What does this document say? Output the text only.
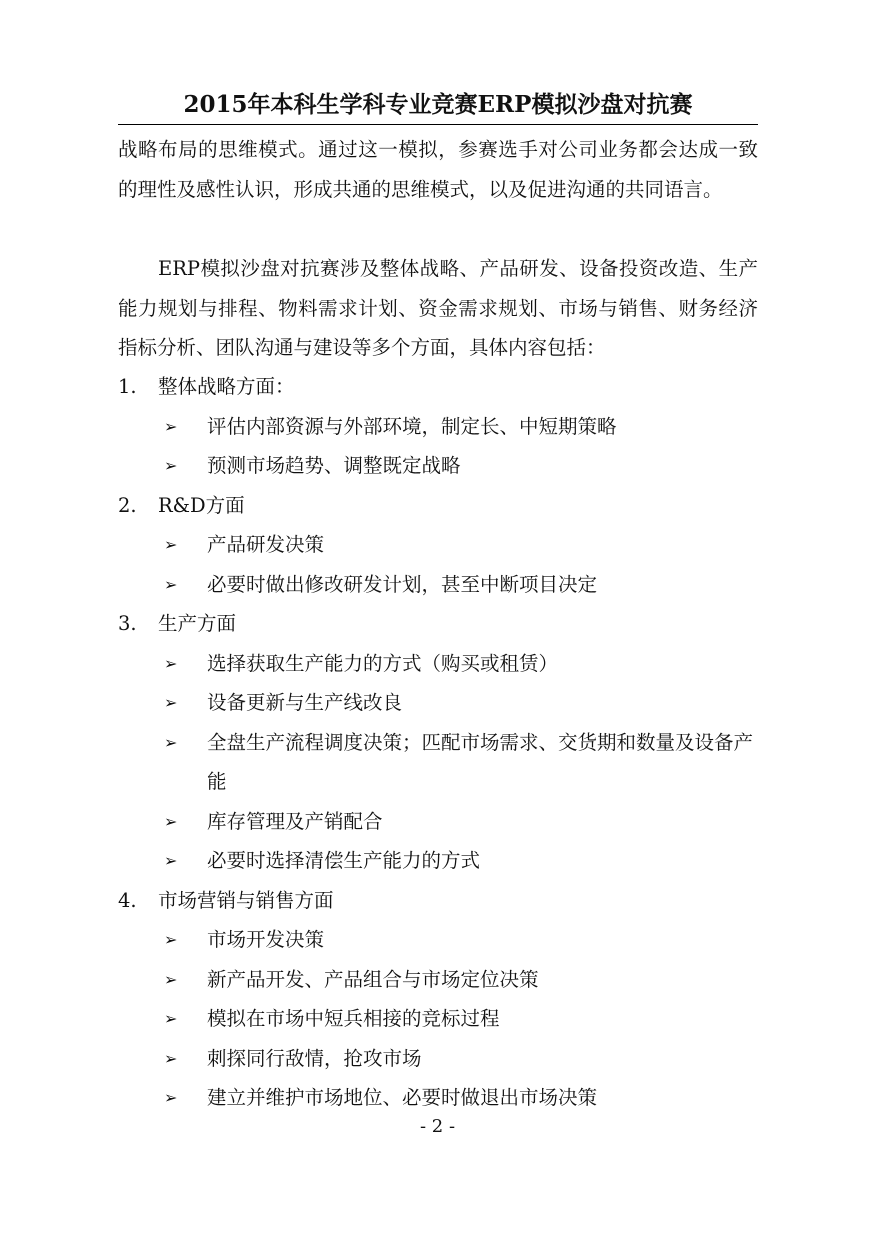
2015年本科生学科专业竞赛ERP模拟沙盘对抗赛

战略布局的思维模式。通过这一模拟，参赛选手对公司业务都会达成一致的理性及感性认识，形成共通的思维模式，以及促进沟通的共同语言。

ERP模拟沙盘对抗赛涉及整体战略、产品研发、设备投资改造、生产能力规划与排程、物料需求计划、资金需求规划、市场与销售、财务经济指标分析、团队沟通与建设等多个方面，具体内容包括：

1.	整体战略方面：
➢ 评估内部资源与外部环境，制定长、中短期策略
➢ 预测市场趋势、调整既定战略
2.	R&D方面
➢ 产品研发决策
➢ 必要时做出修改研发计划，甚至中断项目决定
3.	生产方面
➢ 选择获取生产能力的方式（购买或租赁）
➢ 设备更新与生产线改良
➢ 全盘生产流程调度决策；匹配市场需求、交货期和数量及设备产能
➢ 库存管理及产销配合
➢ 必要时选择清偿生产能力的方式
4.	市场营销与销售方面
➢ 市场开发决策
➢ 新产品开发、产品组合与市场定位决策
➢ 模拟在市场中短兵相接的竞标过程
➢ 刺探同行敌情，抢攻市场
➢ 建立并维护市场地位、必要时做退出市场决策
- 2 -
